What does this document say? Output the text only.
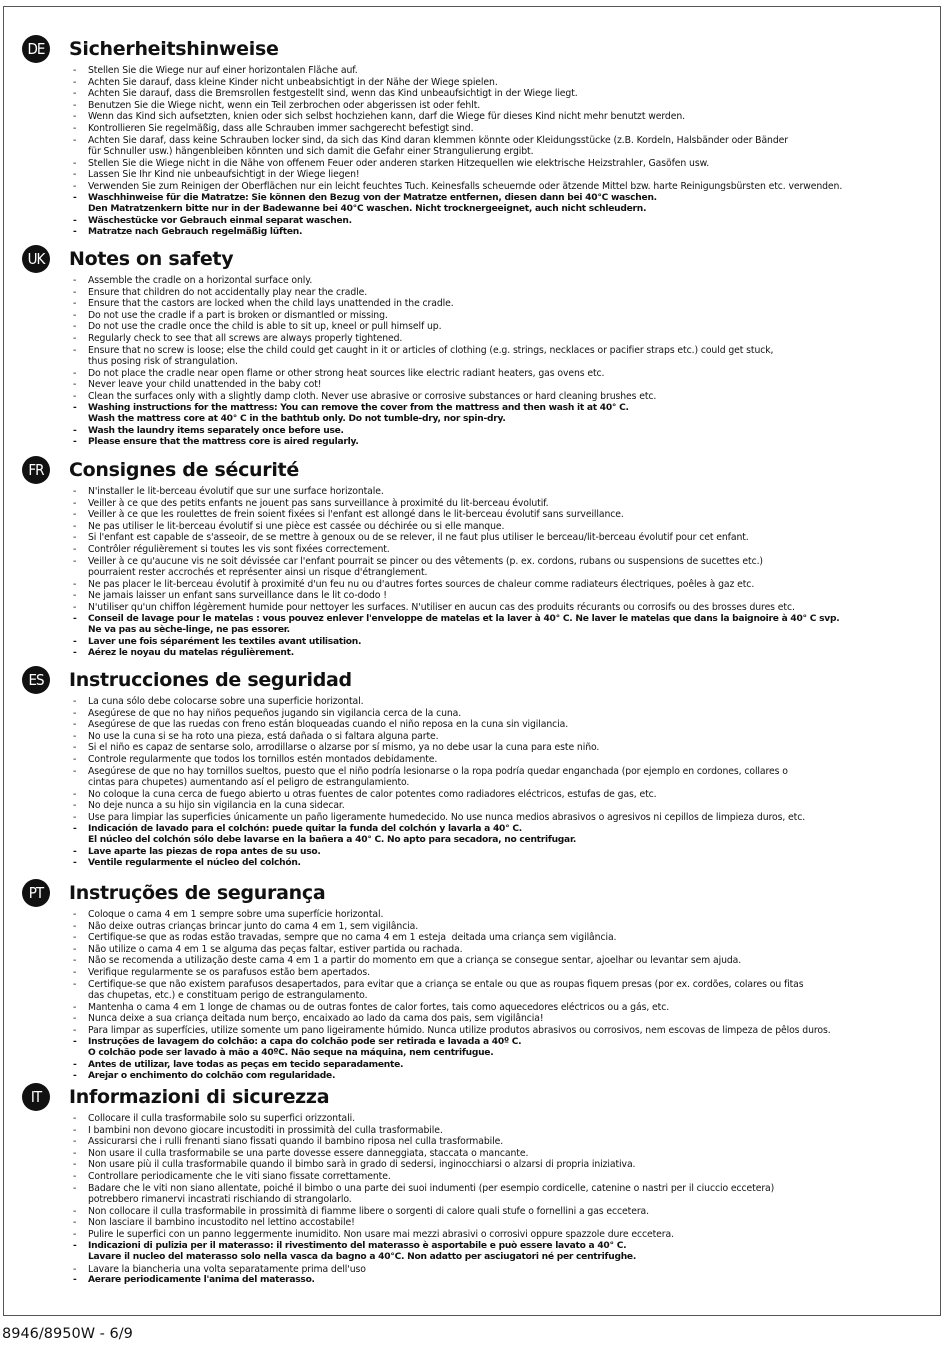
DE Sicherheitshinweise
- Stellen Sie die Wiege nur auf einer horizontalen Fläche auf.
- Achten Sie darauf, dass kleine Kinder nicht unbeabsichtigt in der Nähe der Wiege spielen.
- Achten Sie darauf, dass die Bremsrollen festgestellt sind, wenn das Kind unbeaufsichtigt in der Wiege liegt.
- Benutzen Sie die Wiege nicht, wenn ein Teil zerbrochen oder abgerissen ist oder fehlt.
- Wenn das Kind sich aufsetzten, knien oder sich selbst hochziehen kann, darf die Wiege für dieses Kind nicht mehr benutzt werden.
- Kontrollieren Sie regelmäßig, dass alle Schrauben immer sachgerecht befestigt sind.
- Achten Sie daraf, dass keine Schrauben locker sind, da sich das Kind daran klemmen könnte oder Kleidungsstücke (z.B. Kordeln, Halsbänder oder Bänder
für Schnuller usw.) hängenbleiben könnten und sich damit die Gefahr einer Strangulierung ergibt.
- Stellen Sie die Wiege nicht in die Nähe von offenem Feuer oder anderen starken Hitzequellen wie elektrische Heizstrahler, Gasöfen usw.
- Lassen Sie Ihr Kind nie unbeaufsichtigt in der Wiege liegen!
- Verwenden Sie zum Reinigen der Oberflächen nur ein leicht feuchtes Tuch. Keinesfalls scheuernde oder ätzende Mittel bzw. harte Reinigungsbürsten etc. verwenden.
- Waschhinweise für die Matratze: Sie können den Bezug von der Matratze entfernen, diesen dann bei 40°C waschen.
Den Matratzenkern bitte nur in der Badewanne bei 40°C waschen. Nicht trocknergeeignet, auch nicht schleudern.
- Wäschestücke vor Gebrauch einmal separat waschen.
- Matratze nach Gebrauch regelmäßig lüften.
UK Notes on safety
- Assemble the cradle on a horizontal surface only.
- Ensure that children do not accidentally play near the cradle.
- Ensure that the castors are locked when the child lays unattended in the cradle.
- Do not use the cradle if a part is broken or dismantled or missing.
- Do not use the cradle once the child is able to sit up, kneel or pull himself up.
- Regularly check to see that all screws are always properly tightened.
- Ensure that no screw is loose; else the child could get caught in it or articles of clothing (e.g. strings, necklaces or pacifier straps etc.) could get stuck,
thus posing risk of strangulation.
- Do not place the cradle near open flame or other strong heat sources like electric radiant heaters, gas ovens etc.
- Never leave your child unattended in the baby cot!
- Clean the surfaces only with a slightly damp cloth. Never use abrasive or corrosive substances or hard cleaning brushes etc.
- Washing instructions for the mattress: You can remove the cover from the mattress and then wash it at 40° C.
Wash the mattress core at 40° C in the bathtub only. Do not tumble-dry, nor spin-dry.
- Wash the laundry items separately once before use.
- Please ensure that the mattress core is aired regularly.
FR	Consignes de sécurité
- N'installer le lit-berceau évolutif que sur une surface horizontale.
- Veiller à ce que des petits enfants ne jouent pas sans surveillance à proximité du lit-berceau évolutif.
- Veiller à ce que les roulettes de frein soient fixées si l'enfant est allongé dans le lit-berceau évolutif sans surveillance.
- Ne pas utiliser le lit-berceau évolutif si une pièce est cassée ou déchirée ou si elle manque.
- Si l'enfant est capable de s'asseoir, de se mettre à genoux ou de se relever, il ne faut plus utiliser le berceau/lit-berceau évolutif pour cet enfant.
- Contrôler régulièrement si toutes les vis sont fixées correctement.
- Veiller à ce qu'aucune vis ne soit dévissée car l'enfant pourrait se pincer ou des vêtements (p. ex. cordons, rubans ou suspensions de sucettes etc.)
pourraient rester accrochés et représenter ainsi un risque d'étranglement.
- Ne pas placer le lit-berceau évolutif à proximité d'un feu nu ou d'autres fortes sources de chaleur comme radiateurs électriques, poêles à gaz etc.
- Ne jamais laisser un enfant sans surveillance dans le lit co-dodo !
- N'utiliser qu'un chiffon légèrement humide pour nettoyer les surfaces. N'utiliser en aucun cas des produits récurants ou corrosifs ou des brosses dures etc.
- Conseil de lavage pour le matelas : vous pouvez enlever l'enveloppe de matelas et la laver à 40° C. Ne laver le matelas que dans la baignoire à 40° C svp.
Ne va pas au sèche-linge, ne pas essorer.
- Laver une fois séparément les textiles avant utilisation.
- Aérez le noyau du matelas régulièrement.
ES	Instrucciones de seguridad
- La cuna sólo debe colocarse sobre una superficie horizontal.
- Asegúrese de que no hay niños pequeños jugando sin vigilancia cerca de la cuna.
- Asegúrese de que las ruedas con freno están bloqueadas cuando el niño reposa en la cuna sin vigilancia.
- No use la cuna si se ha roto una pieza, está dañada o si faltara alguna parte.
- Si el niño es capaz de sentarse solo, arrodillarse o alzarse por sí mismo, ya no debe usar la cuna para este niño.
- Controle regularmente que todos los tornillos estén montados debidamente.
- Asegúrese de que no hay tornillos sueltos, puesto que el niño podría lesionarse o la ropa podría quedar enganchada (por ejemplo en cordones, collares o
cintas para chupetes) aumentando así el peligro de estrangulamiento.
- No coloque la cuna cerca de fuego abierto u otras fuentes de calor potentes como radiadores eléctricos, estufas de gas, etc.
- No deje nunca a su hijo sin vigilancia en la cuna sidecar.
- Use para limpiar las superficies únicamente un paño ligeramente humedecido. No use nunca medios abrasivos o agresivos ni cepillos de limpieza duros, etc.
- Indicación de lavado para el colchón: puede quitar la funda del colchón y lavarla a 40° C.
El núcleo del colchón sólo debe lavarse en la bañera a 40° C. No apto para secadora, no centrifugar.
- Lave aparte las piezas de ropa antes de su uso.
- Ventile regularmente el núcleo del colchón.
PT	Instruções de segurança
- Coloque o cama 4 em 1 sempre sobre uma superfície horizontal.
- Não deixe outras crianças brincar junto do cama 4 em 1, sem vigilância.
- Certifique-se que as rodas estão travadas, sempre que no cama 4 em 1 esteja  deitada uma criança sem vigilância.
- Não utilize o cama 4 em 1 se alguma das peças faltar, estiver partida ou rachada.
- Não se recomenda a utilização deste cama 4 em 1 a partir do momento em que a criança se consegue sentar, ajoelhar ou levantar sem ajuda.
- Verifique regularmente se os parafusos estão bem apertados.
- Certifique-se que não existem parafusos desapertados, para evitar que a criança se entale ou que as roupas fiquem presas (por ex. cordões, colares ou fitas
das chupetas, etc.) e constituam perigo de estrangulamento.
- Mantenha o cama 4 em 1 longe de chamas ou de outras fontes de calor fortes, tais como aquecedores eléctricos ou a gás, etc.
- Nunca deixe a sua criança deitada num berço, encaixado ao lado da cama dos pais, sem vigilância!
- Para limpar as superfícies, utilize somente um pano ligeiramente húmido. Nunca utilize produtos abrasivos ou corrosivos, nem escovas de limpeza de pêlos duros.
- Instruções de lavagem do colchão: a capa do colchão pode ser retirada e lavada a 40º C.
O colchão pode ser lavado à mão a 40ºC. Não seque na máquina, nem centrifugue.
- Antes de utilizar, lave todas as peças em tecido separadamente.
- Arejar o enchimento do colchão com regularidade.
IT	Informazioni di sicurezza
- Collocare il culla trasformabile solo su superfici orizzontali.
- I bambini non devono giocare incustoditi in prossimità del culla trasformabile.
- Assicurarsi che i rulli frenanti siano fissati quando il bambino riposa nel culla trasformabile.
- Non usare il culla trasformabile se una parte dovesse essere danneggiata, staccata o mancante.
- Non usare più il culla trasformabile quando il bimbo sarà in grado di sedersi, inginocchiarsi o alzarsi di propria iniziativa.
- Controllare periodicamente che le viti siano fissate correttamente.
- Badare che le viti non siano allentate, poiché il bimbo o una parte dei suoi indumenti (per esempio cordicelle, catenine o nastri per il ciuccio eccetera)
potrebbero rimanervi incastrati rischiando di strangolarlo.
- Non collocare il culla trasformabile in prossimità di fiamme libere o sorgenti di calore quali stufe o fornellini a gas eccetera.
- Non lasciare il bambino incustodito nel lettino accostabile!
- Pulire le superfici con un panno leggermente inumidito. Non usare mai mezzi abrasivi o corrosivi oppure spazzole dure eccetera.
- Indicazioni di pulizia per il materasso: il rivestimento del materasso è asportabile e può essere lavato a 40° C.
Lavare il nucleo del materasso solo nella vasca da bagno a 40°C. Non adatto per asciugatori né per centrifughe.
- Lavare la biancheria una volta separatamente prima dell'uso
- Aerare periodicamente l'anima del materasso.
8946/8950W - 6/9
